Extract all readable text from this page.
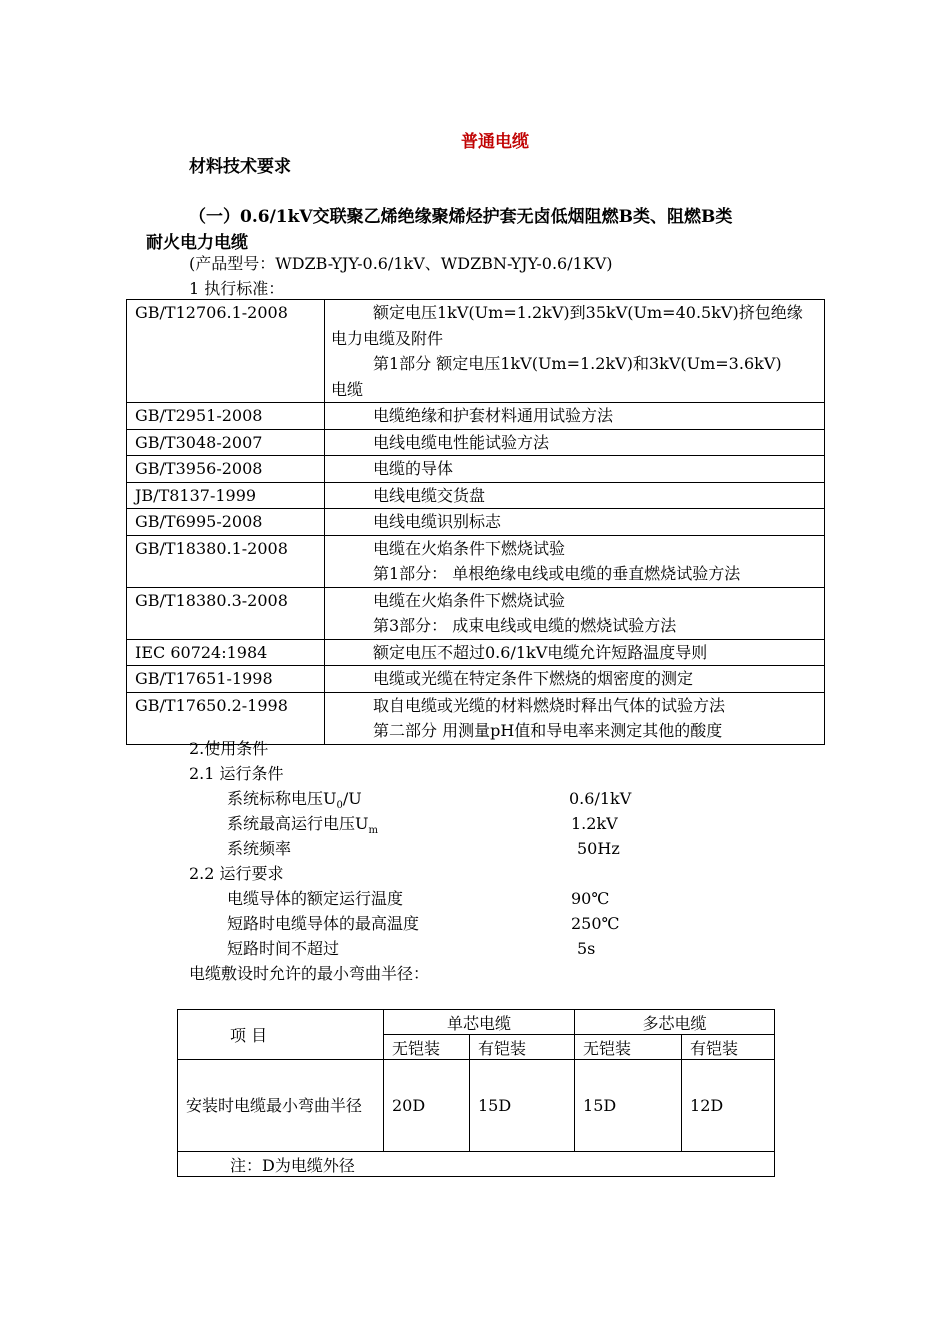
普通电缆
材料技术要求
（一）0.6/1kV交联聚乙烯绝缘聚烯烃护套无卤低烟阻燃B类、阻燃B类
耐火电力电缆
(产品型号：WDZB-YJY-0.6/1kV、WDZBN-YJY-0.6/1KV)
1 执行标准：
GB/T12706.1-2008	额定电压1kV(Um=1.2kV)到35kV(Um=40.5kV)挤包绝缘
电力电缆及附件
第1部分 额定电压1kV(Um=1.2kV)和3kV(Um=3.6kV)
电缆

GB/T2951-2008	电缆绝缘和护套材料通用试验方法

GB/T3048-2007	电线电缆电性能试验方法

GB/T3956-2008	电缆的导体

JB/T8137-1999	电线电缆交货盘

GB/T6995-2008	电线电缆识别标志

GB/T18380.1-2008	电缆在火焰条件下燃烧试验
第1部分： 单根绝缘电线或电缆的垂直燃烧试验方法

GB/T18380.3-2008	电缆在火焰条件下燃烧试验
第3部分： 成束电线或电缆的燃烧试验方法

IEC 60724:1984	额定电压不超过0.6/1kV电缆允许短路温度导则

GB/T17651-1998	电缆或光缆在特定条件下燃烧的烟密度的测定

GB/T17650.2-1998	取自电缆或光缆的材料燃烧时释出气体的试验方法
第二部分 用测量pH值和导电率来测定其他的酸度
2.使用条件
2.1 运行条件
系统标称电压$U_0/U$	0.6/1kV
系统最高运行电压$U_m$	1.2kV
系统频率	50Hz
2.2 运行要求
电缆导体的额定运行温度	90℃
短路时电缆导体的最高温度	250℃
短路时间不超过	5s
电缆敷设时允许的最小弯曲半径：
项 目	单芯电缆		多芯电缆	
	无铠装	有铠装	无铠装	有铠装
安装时电缆最小弯曲半径	20D	15D	15D	12D
注：D为电缆外径				
